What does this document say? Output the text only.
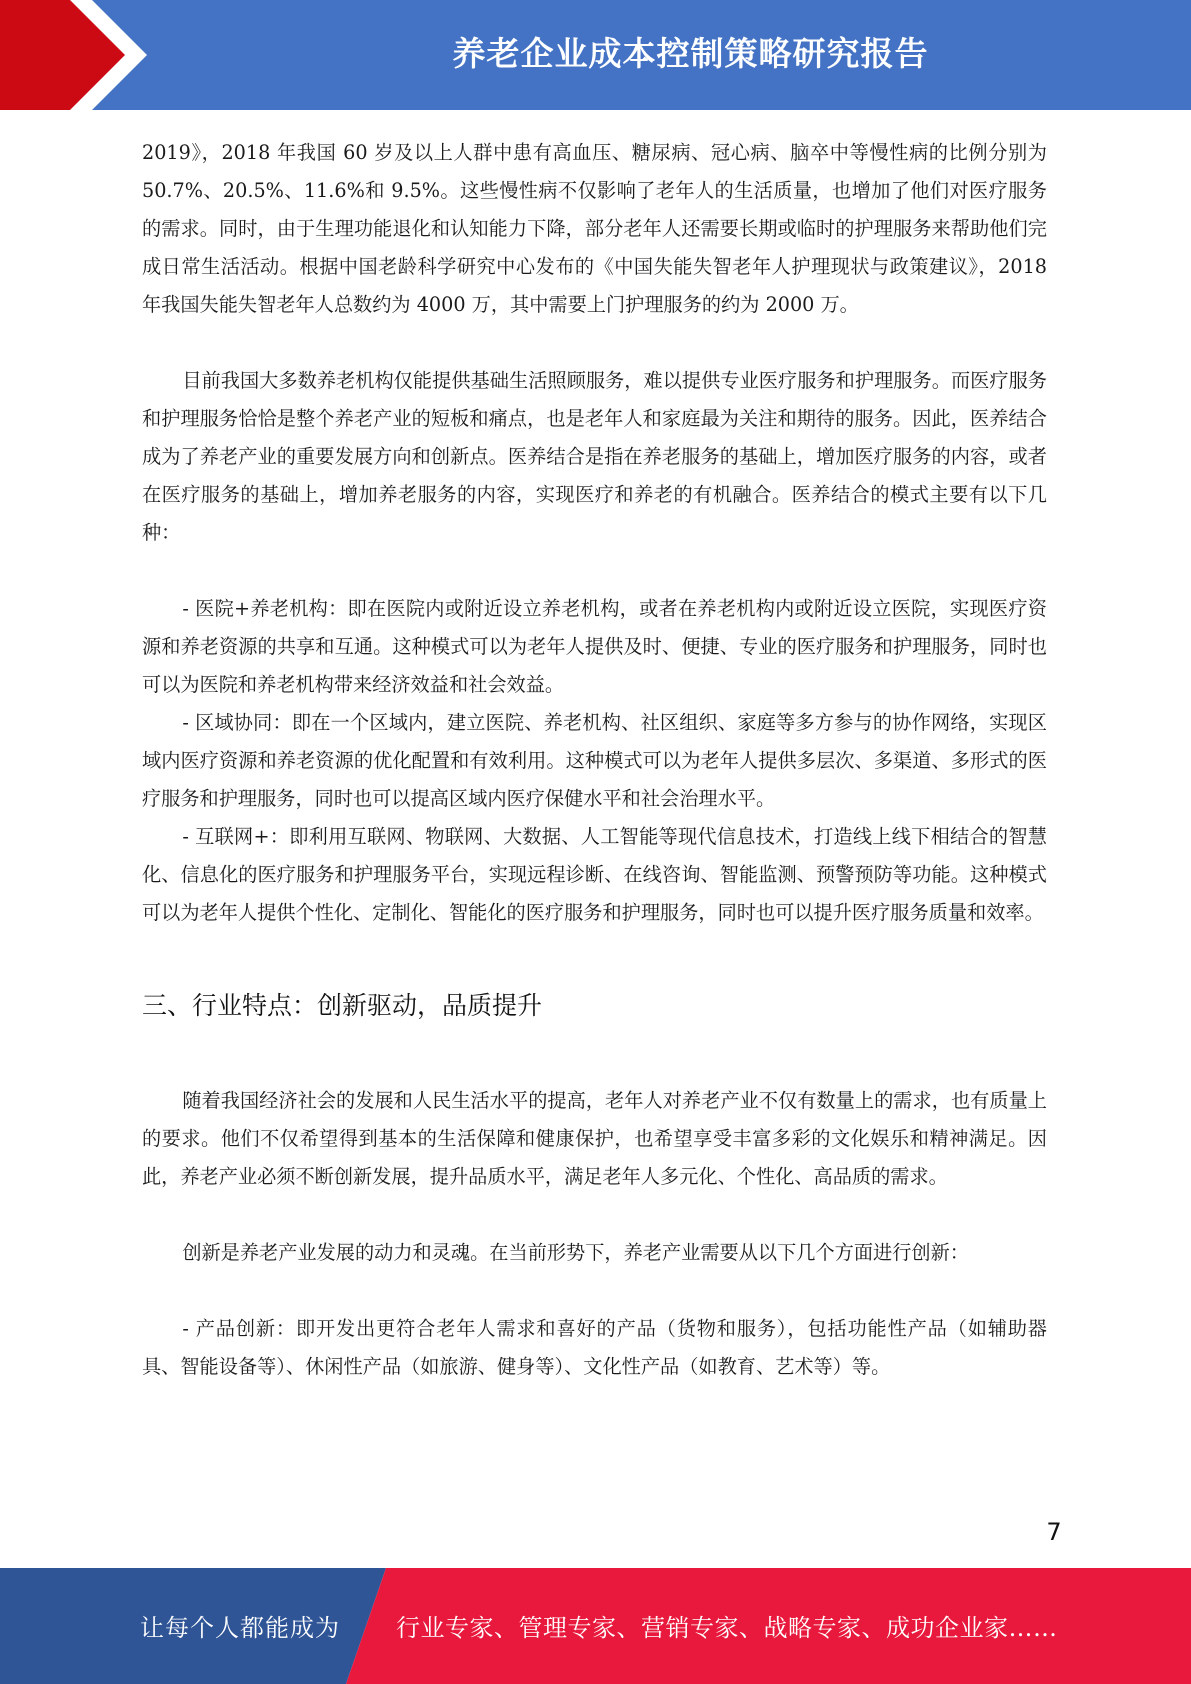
养老企业成本控制策略研究报告

2019》，2018 年我国 60 岁及以上人群中患有高血压、糖尿病、冠心病、脑卒中等慢性病的比例分别为 50.7%、20.5%、11.6%和 9.5%。这些慢性病不仅影响了老年人的生活质量，也增加了他们对医疗服务的需求。同时，由于生理功能退化和认知能力下降，部分老年人还需要长期或临时的护理服务来帮助他们完成日常生活活动。根据中国老龄科学研究中心发布的《中国失能失智老年人护理现状与政策建议》，2018 年我国失能失智老年人总数约为 4000 万，其中需要上门护理服务的约为 2000 万。

目前我国大多数养老机构仅能提供基础生活照顾服务，难以提供专业医疗服务和护理服务。而医疗服务和护理服务恰恰是整个养老产业的短板和痛点，也是老年人和家庭最为关注和期待的服务。因此，医养结合成为了养老产业的重要发展方向和创新点。医养结合是指在养老服务的基础上，增加医疗服务的内容，或者在医疗服务的基础上，增加养老服务的内容，实现医疗和养老的有机融合。医养结合的模式主要有以下几种：

- 医院+养老机构：即在医院内或附近设立养老机构，或者在养老机构内或附近设立医院，实现医疗资源和养老资源的共享和互通。这种模式可以为老年人提供及时、便捷、专业的医疗服务和护理服务，同时也可以为医院和养老机构带来经济效益和社会效益。

- 区域协同：即在一个区域内，建立医院、养老机构、社区组织、家庭等多方参与的协作网络，实现区域内医疗资源和养老资源的优化配置和有效利用。这种模式可以为老年人提供多层次、多渠道、多形式的医疗服务和护理服务，同时也可以提高区域内医疗保健水平和社会治理水平。

- 互联网+：即利用互联网、物联网、大数据、人工智能等现代信息技术，打造线上线下相结合的智慧化、信息化的医疗服务和护理服务平台，实现远程诊断、在线咨询、智能监测、预警预防等功能。这种模式可以为老年人提供个性化、定制化、智能化的医疗服务和护理服务，同时也可以提升医疗服务质量和效率。

三、行业特点：创新驱动，品质提升

随着我国经济社会的发展和人民生活水平的提高，老年人对养老产业不仅有数量上的需求，也有质量上的要求。他们不仅希望得到基本的生活保障和健康保护，也希望享受丰富多彩的文化娱乐和精神满足。因此，养老产业必须不断创新发展，提升品质水平，满足老年人多元化、个性化、高品质的需求。

创新是养老产业发展的动力和灵魂。在当前形势下，养老产业需要从以下几个方面进行创新：

- 产品创新：即开发出更符合老年人需求和喜好的产品（货物和服务），包括功能性产品（如辅助器具、智能设备等）、休闲性产品（如旅游、健身等）、文化性产品（如教育、艺术等）等。

7
让每个人都能成为 行业专家、管理专家、营销专家、战略专家、成功企业家……
